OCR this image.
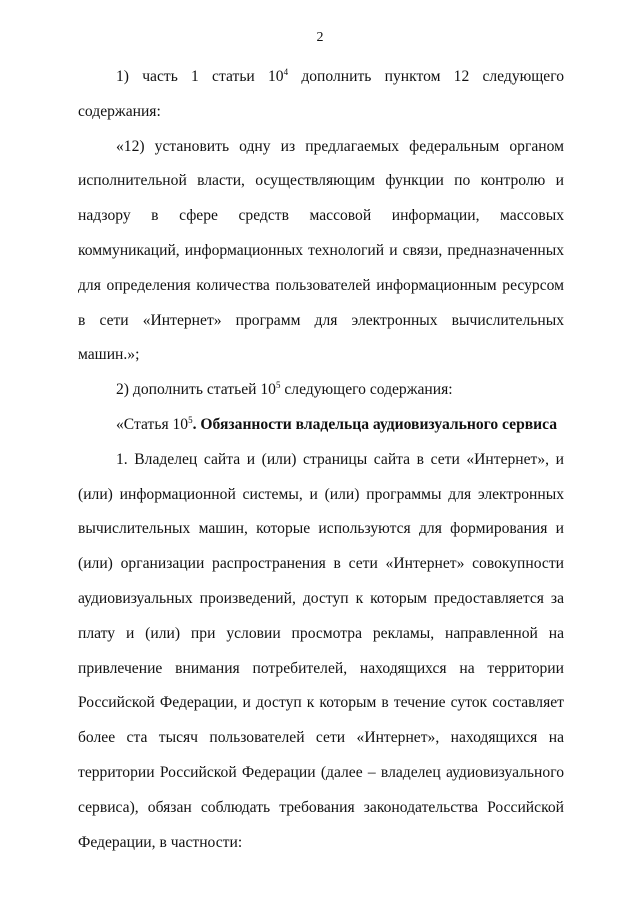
2

1) часть 1 статьи $10^4$ дополнить пунктом 12 следующего содержания:

«12) установить одну из предлагаемых федеральным органом исполнительной власти, осуществляющим функции по контролю и надзору в сфере средств массовой информации, массовых коммуникаций, информационных технологий и связи, предназначенных для определения количества пользователей информационным ресурсом в сети «Интернет» программ для электронных вычислительных машин.»;

2) дополнить статьей $10^5$ следующего содержания:

«Статья $10^5$. Обязанности владельца аудиовизуального сервиса

1. Владелец сайта и (или) страницы сайта в сети «Интернет», и (или) информационной системы, и (или) программы для электронных вычислительных машин, которые используются для формирования и (или) организации распространения в сети «Интернет» совокупности аудиовизуальных произведений, доступ к которым предоставляется за плату и (или) при условии просмотра рекламы, направленной на привлечение внимания потребителей, находящихся на территории Российской Федерации, и доступ к которым в течение суток составляет более ста тысяч пользователей сети «Интернет», находящихся на территории Российской Федерации (далее – владелец аудиовизуального сервиса), обязан соблюдать требования законодательства Российской Федерации, в частности:
